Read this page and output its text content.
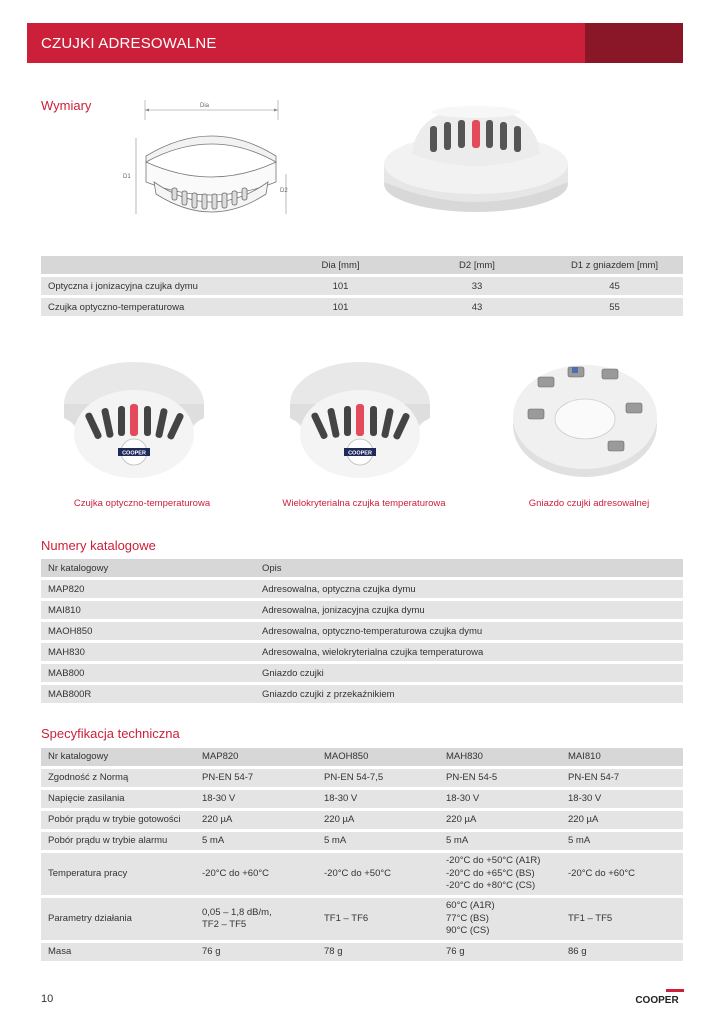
CZUJKI ADRESOWALNE
Wymiary	Dia
D1
D2
	Dia [mm]	D2 [mm]	D1 z gniazdem [mm]
Optyczna i jonizacyjna czujka dymu	101	33	45
Czujka optyczno-temperaturowa	101	43	55
COOPER	COOPER
Czujka optyczno-temperaturowa	Wielokryterialna czujka temperaturowa	Gniazdo czujki adresowalnej
Numery katalogowe
Nr katalogowy	Opis
MAP820	Adresowalna, optyczna czujka dymu
MAI810	Adresowalna, jonizacyjna czujka dymu
MAOH850	Adresowalna, optyczno-temperaturowa czujka dymu
MAH830	Adresowalna, wielokryterialna czujka temperaturowa
MAB800	Gniazdo czujki
MAB800R	Gniazdo czujki z przekaźnikiem
Specyfikacja techniczna
Nr katalogowy	MAP820	MAOH850	MAH830	MAI810
Zgodność z Normą	PN-EN 54-7	PN-EN 54-7,5	PN-EN 54-5	PN-EN 54-7
Napięcie zasilania	18-30 V	18-30 V	18-30 V	18-30 V
Pobór prądu w trybie gotowości	220 µA	220 µA	220 µA	220 µA
Pobór prądu w trybie alarmu	5 mA	5 mA	5 mA	5 mA
Temperatura pracy	-20°C do +60°C	-20°C do +50°C	-20°C do +50°C (A1R)
-20°C do +65°C (BS)
-20°C do +80°C (CS)	-20°C do +60°C
Parametry działania	0,05 – 1,8 dB/m,
TF2 – TF5	TF1 – TF6	60°C (A1R)
77°C (BS)
90°C (CS)	TF1 – TF5
Masa	76 g	78 g	76 g	86 g
10	COOPER
